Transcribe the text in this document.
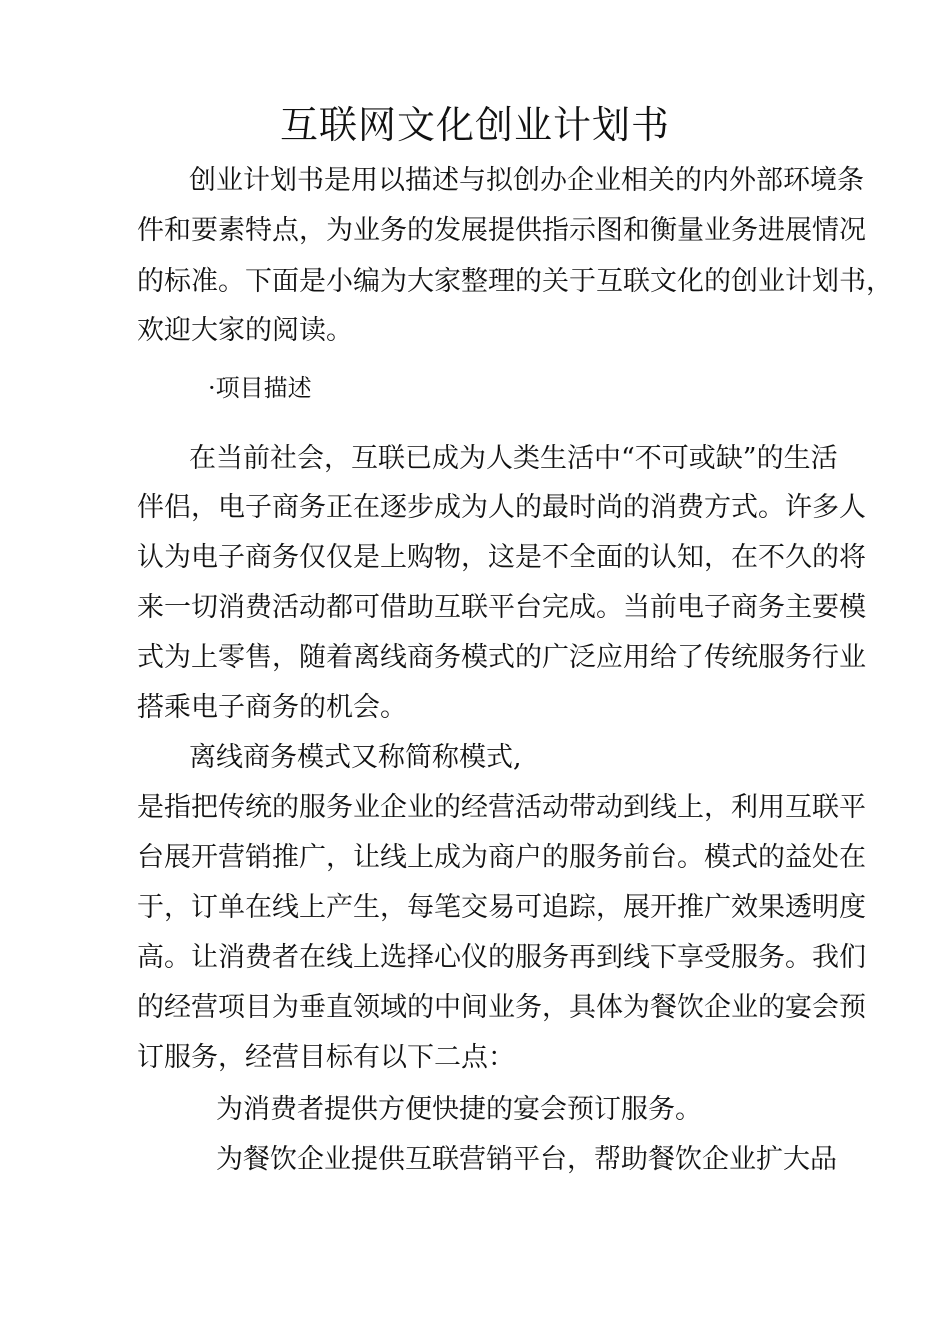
互联网文化创业计划书
创业计划书是用以描述与拟创办企业相关的内外部环境条
件和要素特点，为业务的发展提供指示图和衡量业务进展情况
的标准。下面是小编为大家整理的关于互联文化的创业计划书，
欢迎大家的阅读。
·项目描述
在当前社会，互联已成为人类生活中“不可或缺”的生活
伴侣，电子商务正在逐步成为人的最时尚的消费方式。许多人
认为电子商务仅仅是上购物，这是不全面的认知，在不久的将
来一切消费活动都可借助互联平台完成。当前电子商务主要模
式为上零售，随着离线商务模式的广泛应用给了传统服务行业
搭乘电子商务的机会。
离线商务模式又称简称模式,
是指把传统的服务业企业的经营活动带动到线上，利用互联平
台展开营销推广，让线上成为商户的服务前台。模式的益处在
于，订单在线上产生，每笔交易可追踪，展开推广效果透明度
高。让消费者在线上选择心仪的服务再到线下享受服务。我们
的经营项目为垂直领域的中间业务，具体为餐饮企业的宴会预
订服务，经营目标有以下二点：
为消费者提供方便快捷的宴会预订服务。
为餐饮企业提供互联营销平台，帮助餐饮企业扩大品
